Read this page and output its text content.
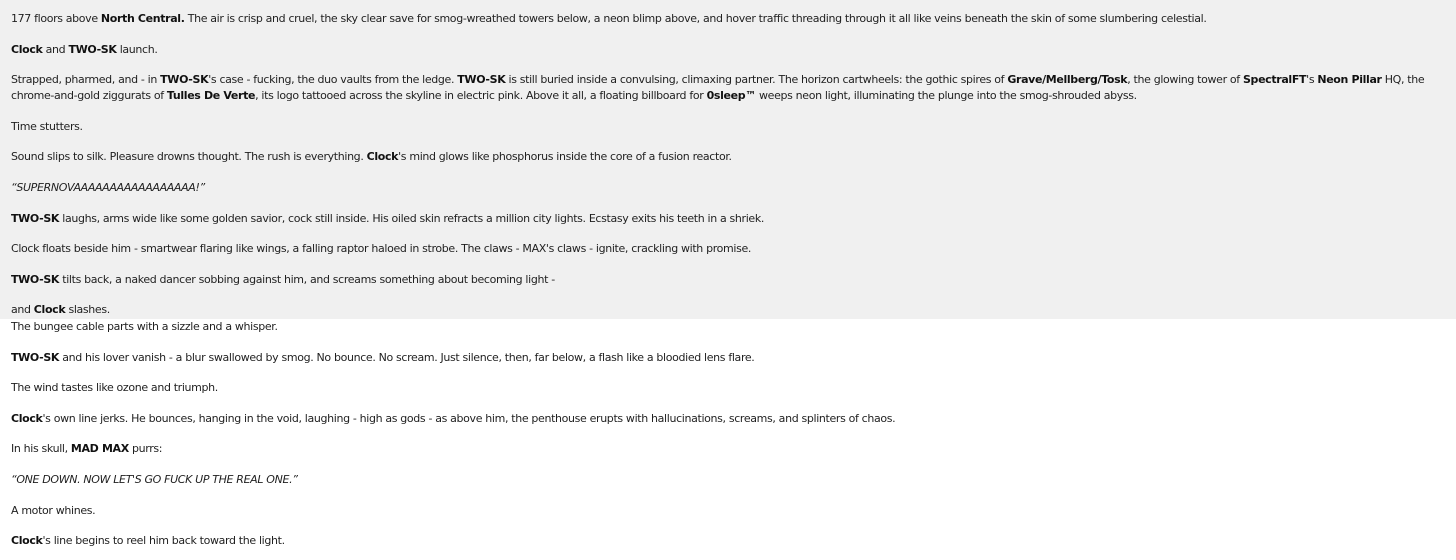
177 floors above North Central. The air is crisp and cruel, the sky clear save for smog-wreathed towers below, a neon blimp above, and hover traffic threading through it all like veins beneath the skin of some slumbering celestial.

Clock and TWO-SK launch.

Strapped, pharmed, and - in TWO-SK's case - fucking, the duo vaults from the ledge. TWO-SK is still buried inside a convulsing, climaxing partner. The horizon cartwheels: the gothic spires of Grave/Mellberg/Tosk, the glowing tower of SpectralFT's Neon Pillar HQ, the chrome-and-gold ziggurats of Tulles De Verte, its logo tattooed across the skyline in electric pink. Above it all, a floating billboard for 0sleep™ weeps neon light, illuminating the plunge into the smog-shrouded abyss.

Time stutters.

Sound slips to silk. Pleasure drowns thought. The rush is everything. Clock's mind glows like phosphorus inside the core of a fusion reactor.

“SUPERNOVAAAAAAAAAAAAAAAAA!”

TWO-SK laughs, arms wide like some golden savior, cock still inside. His oiled skin refracts a million city lights. Ecstasy exits his teeth in a shriek.

Clock floats beside him - smartwear flaring like wings, a falling raptor haloed in strobe. The claws - MAX's claws - ignite, crackling with promise.

TWO-SK tilts back, a naked dancer sobbing against him, and screams something about becoming light -

and Clock slashes.

The bungee cable parts with a sizzle and a whisper.

TWO-SK and his lover vanish - a blur swallowed by smog. No bounce. No scream. Just silence, then, far below, a flash like a bloodied lens flare.

The wind tastes like ozone and triumph.

Clock's own line jerks. He bounces, hanging in the void, laughing - high as gods - as above him, the penthouse erupts with hallucinations, screams, and splinters of chaos.

In his skull, MAD MAX purrs:

“ONE DOWN. NOW LET'S GO FUCK UP THE REAL ONE.”

A motor whines.

Clock's line begins to reel him back toward the light.
